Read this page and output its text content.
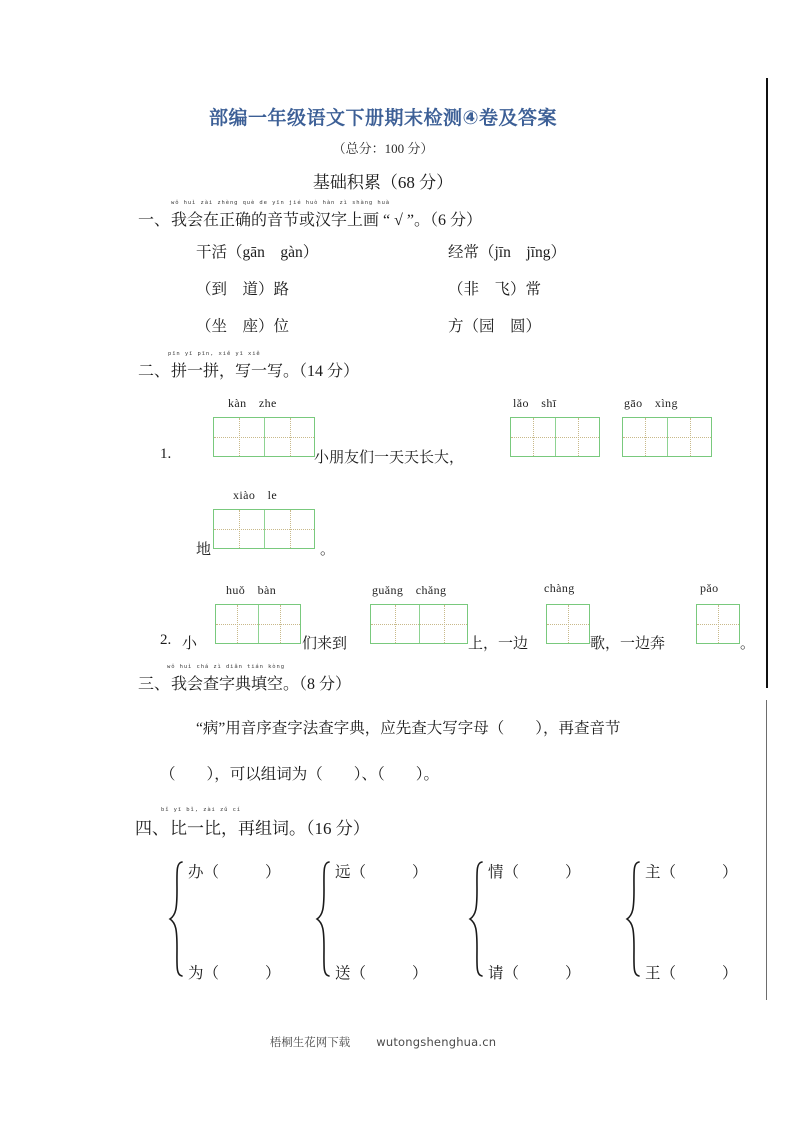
部编一年级语文下册期末检测④卷及答案
（总分：100 分）
基础积累（68 分）
wǒ huì zài zhèng què de yīn jié huò hàn zì shàng huà
一、我会在正确的音节或汉字上画 “ √ ”。（6 分）
干活（gān　gàn）	经常（jīn　jīng）
（到　道）路	（非　飞）常
（坐　座）位	方（园　圆）
pīn yī pīn, xiě yī xiě
二、拼一拼，写一写。（14 分）
kàn　zhe	lǎo　shī	gāo　xìng
1.	小朋友们一天天长大，
xiào　le
地	。
huǒ　bàn	guǎng　chǎng	chàng	pǎo
2. 小	们来到	上，一边	歌，一边奔	。
wǒ huì chá zì diǎn tián kòng
三、我会查字典填空。（8 分）
“病”用音序查字法查字典，应先查大写字母（　　），再查音节
（　　），可以组词为（　　）、（　　）。
bǐ yī bǐ, zài zǔ cí
四、比一比，再组词。（16 分）
办（	）
为（	）
远（	）
送（	）
情（	）
请（	）
主（	）
王（	）
梧桐生花网下载 wutongshenghua.cn
